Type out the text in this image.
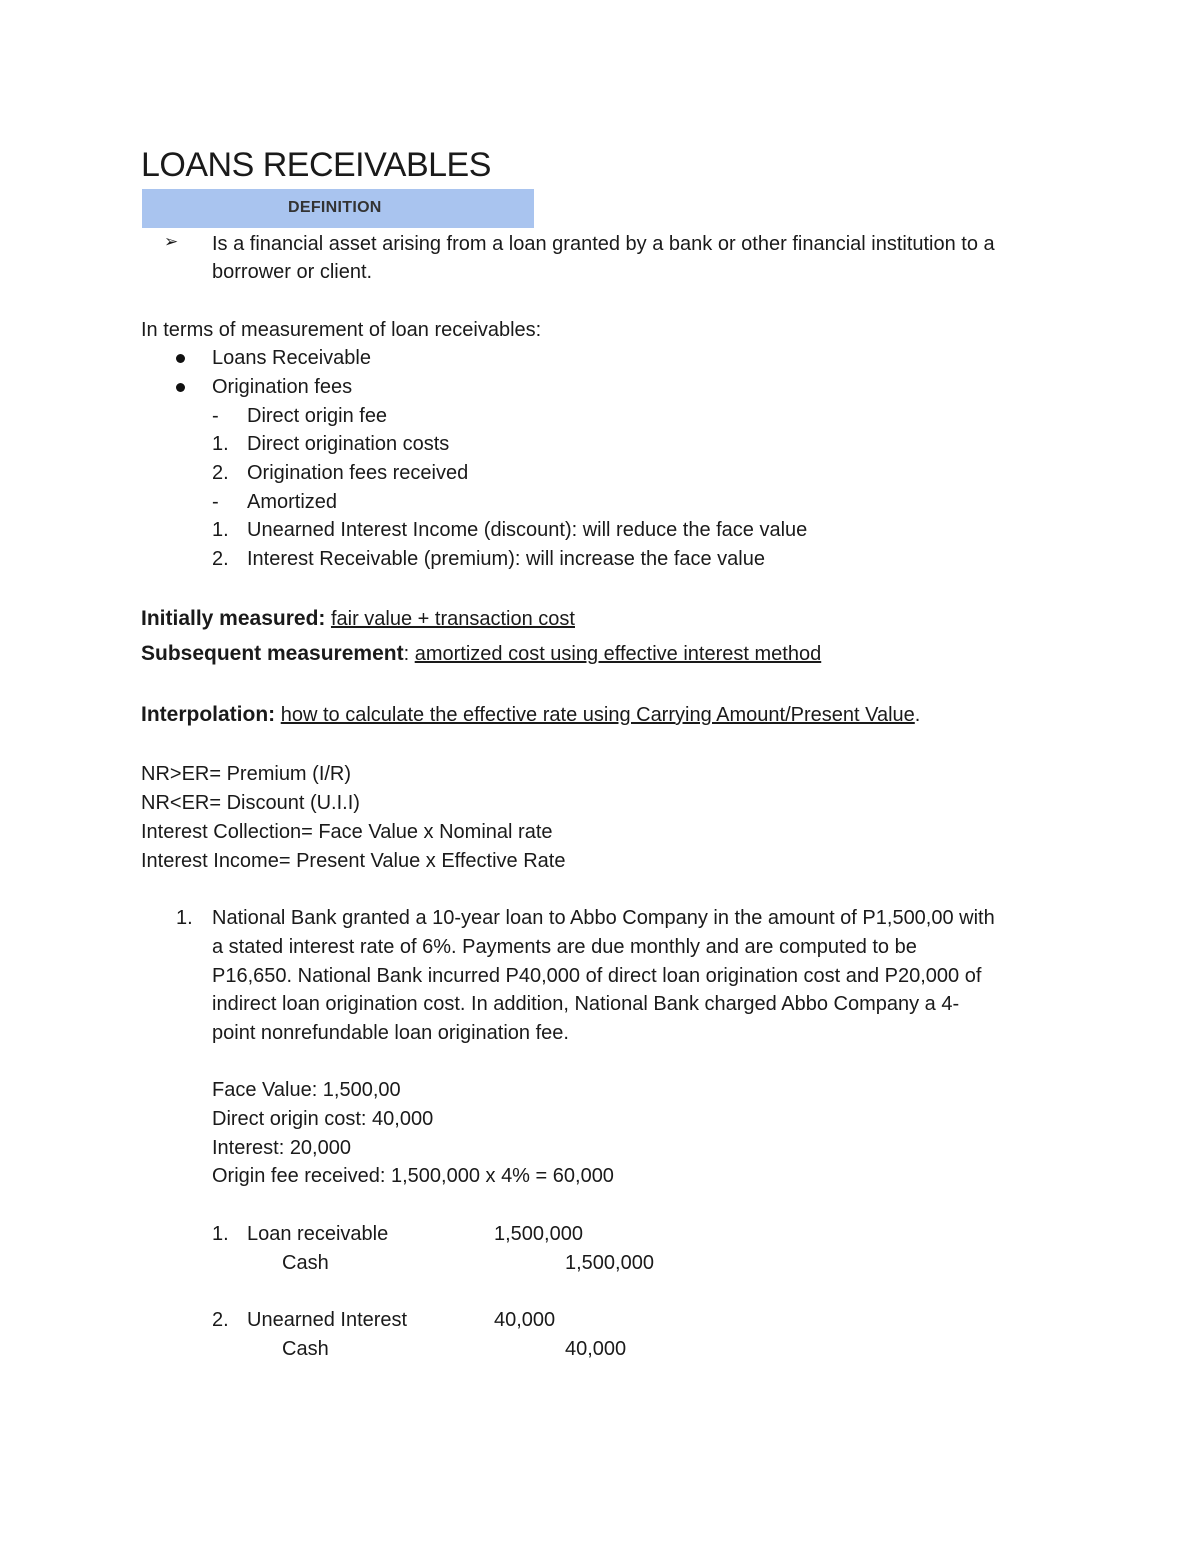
LOANS RECEIVABLES
DEFINITION
➢ Is a financial asset arising from a loan granted by a bank or other financial institution to a
borrower or client.
In terms of measurement of loan receivables:
Loans Receivable
Origination fees
- Direct origin fee
1. Direct origination costs
2. Origination fees received
- Amortized
1. Unearned Interest Income (discount): will reduce the face value
2. Interest Receivable (premium): will increase the face value
Initially measured: fair value + transaction cost
Subsequent measurement: amortized cost using effective interest method
Interpolation: how to calculate the effective rate using Carrying Amount/Present Value.
NR>ER= Premium (I/R)
NR<ER= Discount (U.I.I)
Interest Collection= Face Value x Nominal rate
Interest Income= Present Value x Effective Rate
1. National Bank granted a 10-year loan to Abbo Company in the amount of P1,500,00 with
a stated interest rate of 6%. Payments are due monthly and are computed to be
P16,650. National Bank incurred P40,000 of direct loan origination cost and P20,000 of
indirect loan origination cost. In addition, National Bank charged Abbo Company a 4-
point nonrefundable loan origination fee.
Face Value: 1,500,00
Direct origin cost: 40,000
Interest: 20,000
Origin fee received: 1,500,000 x 4% = 60,000
1. Loan receivable	1,500,000
Cash	1,500,000
2. Unearned Interest	40,000
Cash	40,000
